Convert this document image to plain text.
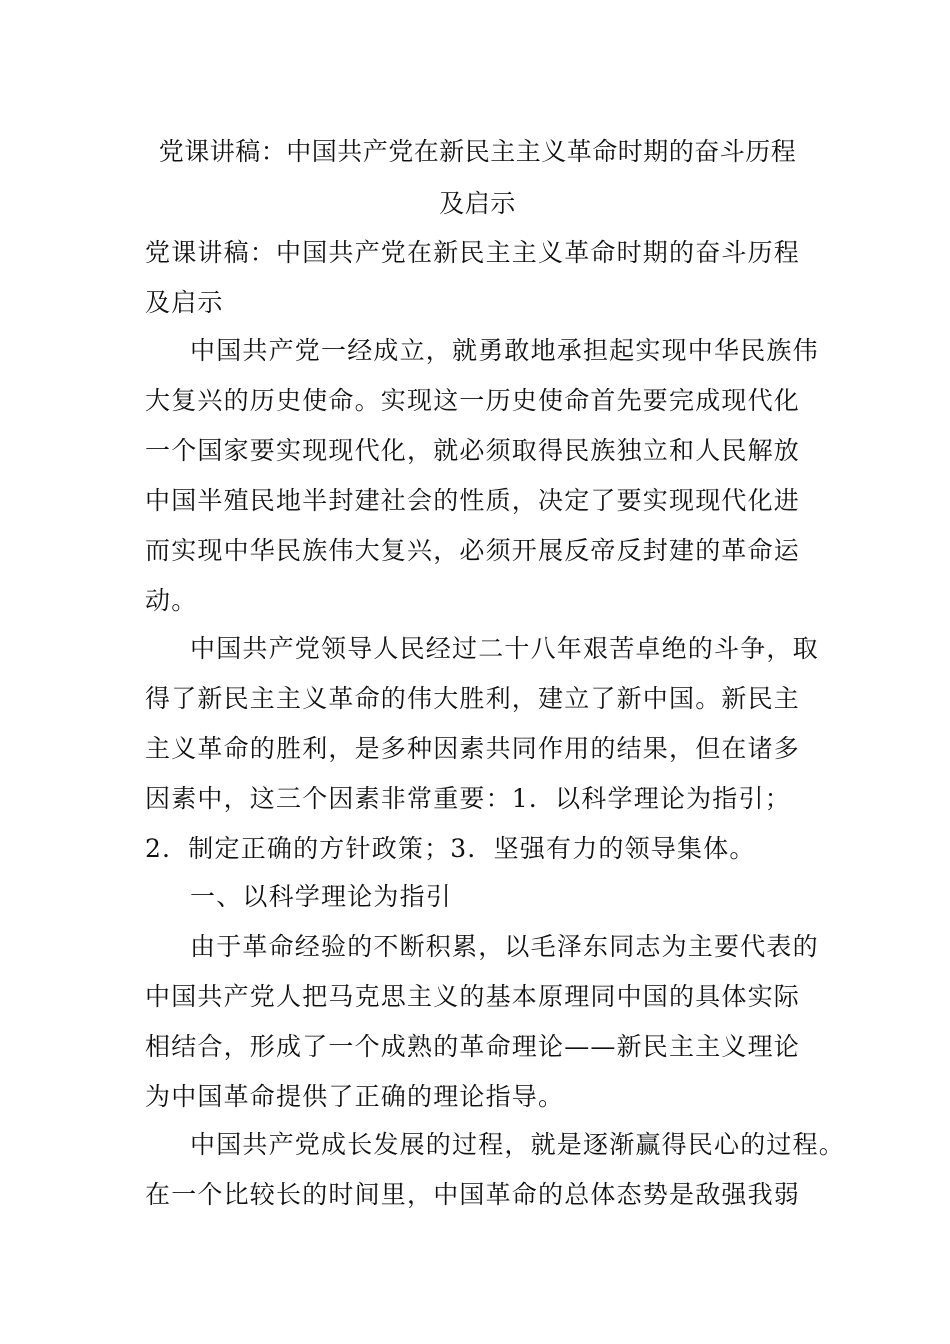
党课讲稿：中国共产党在新民主主义革命时期的奋斗历程
及启示
党课讲稿：中国共产党在新民主主义革命时期的奋斗历程
及启示
中国共产党一经成立，就勇敢地承担起实现中华民族伟
大复兴的历史使命。实现这一历史使命首先要完成现代化
一个国家要实现现代化，就必须取得民族独立和人民解放
中国半殖民地半封建社会的性质，决定了要实现现代化进
而实现中华民族伟大复兴，必须开展反帝反封建的革命运
动。
中国共产党领导人民经过二十八年艰苦卓绝的斗争，取
得了新民主主义革命的伟大胜利，建立了新中国。新民主
主义革命的胜利，是多种因素共同作用的结果，但在诸多
因素中，这三个因素非常重要：1．以科学理论为指引；
2．制定正确的方针政策；3．坚强有力的领导集体。
一、以科学理论为指引
由于革命经验的不断积累，以毛泽东同志为主要代表的
中国共产党人把马克思主义的基本原理同中国的具体实际
相结合，形成了一个成熟的革命理论——新民主主义理论
为中国革命提供了正确的理论指导。
中国共产党成长发展的过程，就是逐渐赢得民心的过程。
在一个比较长的时间里，中国革命的总体态势是敌强我弱
